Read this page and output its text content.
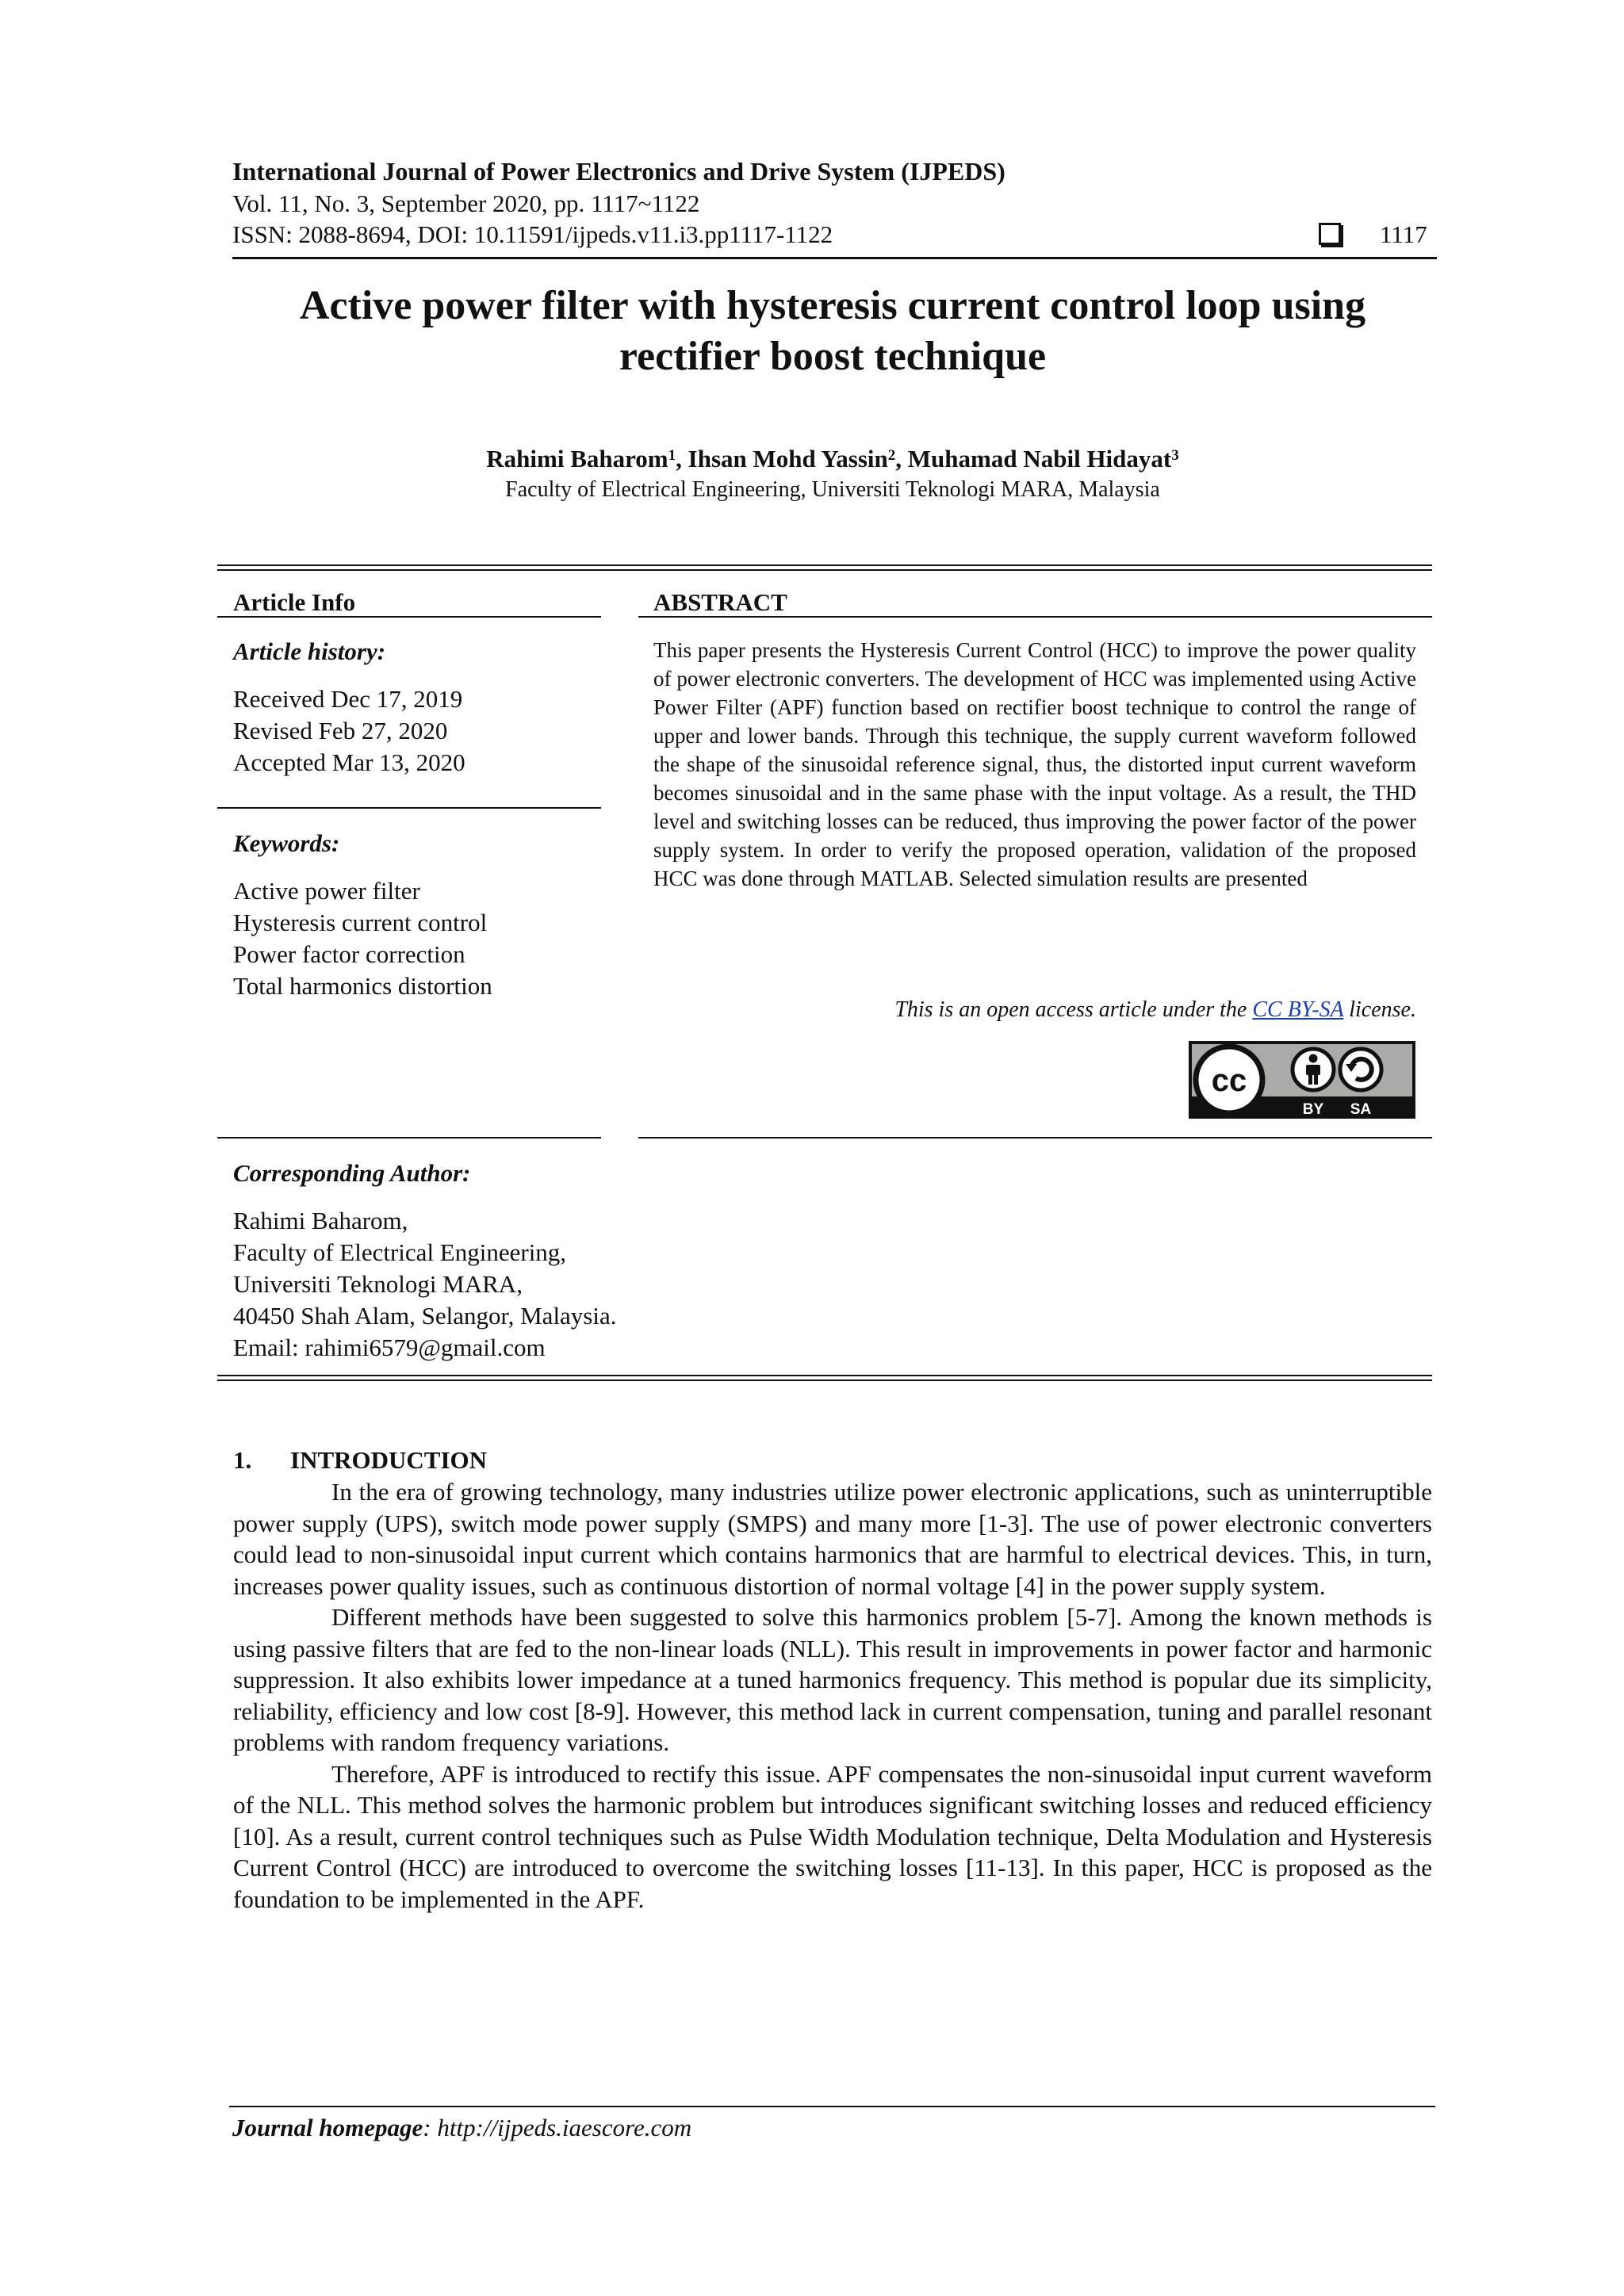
International Journal of Power Electronics and Drive System (IJPEDS)
Vol. 11, No. 3, September 2020, pp. 1117~1122
ISSN: 2088-8694, DOI: 10.11591/ijpeds.v11.i3.pp1117-1122	1117
Active power filter with hysteresis current control loop using
rectifier boost technique
Rahimi Baharom$^1$, Ihsan Mohd Yassin$^2$, Muhamad Nabil Hidayat$^3$
Faculty of Electrical Engineering, Universiti Teknologi MARA, Malaysia
Article Info
Article history:
Received Dec 17, 2019
Revised Feb 27, 2020
Accepted Mar 13, 2020
Keywords:
Active power filter
Hysteresis current control
Power factor correction
Total harmonics distortion
ABSTRACT
This paper presents the Hysteresis Current Control (HCC) to improve the power quality of power electronic converters. The development of HCC was implemented using Active Power Filter (APF) function based on rectifier boost technique to control the range of upper and lower bands. Through this technique, the supply current waveform followed the shape of the sinusoidal reference signal, thus, the distorted input current waveform becomes sinusoidal and in the same phase with the input voltage. As a result, the THD level and switching losses can be reduced, thus improving the power factor of the power supply system. In order to verify the proposed operation, validation of the proposed HCC was done through MATLAB. Selected simulation results are presented
This is an open access article under the CC BY-SA license.
cc
BY SA
Corresponding Author:
Rahimi Baharom,
Faculty of Electrical Engineering,
Universiti Teknologi MARA,
40450 Shah Alam, Selangor, Malaysia.
Email: rahimi6579@gmail.com
1. INTRODUCTION

In the era of growing technology, many industries utilize power electronic applications, such as uninterruptible power supply (UPS), switch mode power supply (SMPS) and many more [1-3]. The use of power electronic converters could lead to non-sinusoidal input current which contains harmonics that are harmful to electrical devices. This, in turn, increases power quality issues, such as continuous distortion of normal voltage [4] in the power supply system.

Different methods have been suggested to solve this harmonics problem [5-7]. Among the known methods is using passive filters that are fed to the non-linear loads (NLL). This result in improvements in power factor and harmonic suppression. It also exhibits lower impedance at a tuned harmonics frequency. This method is popular due its simplicity, reliability, efficiency and low cost [8-9]. However, this method lack in current compensation, tuning and parallel resonant problems with random frequency variations.

Therefore, APF is introduced to rectify this issue. APF compensates the non-sinusoidal input current waveform of the NLL. This method solves the harmonic problem but introduces significant switching losses and reduced efficiency [10]. As a result, current control techniques such as Pulse Width Modulation technique, Delta Modulation and Hysteresis Current Control (HCC) are introduced to overcome the switching losses [11-13]. In this paper, HCC is proposed as the foundation to be implemented in the APF.

Journal homepage: http://ijpeds.iaescore.com
